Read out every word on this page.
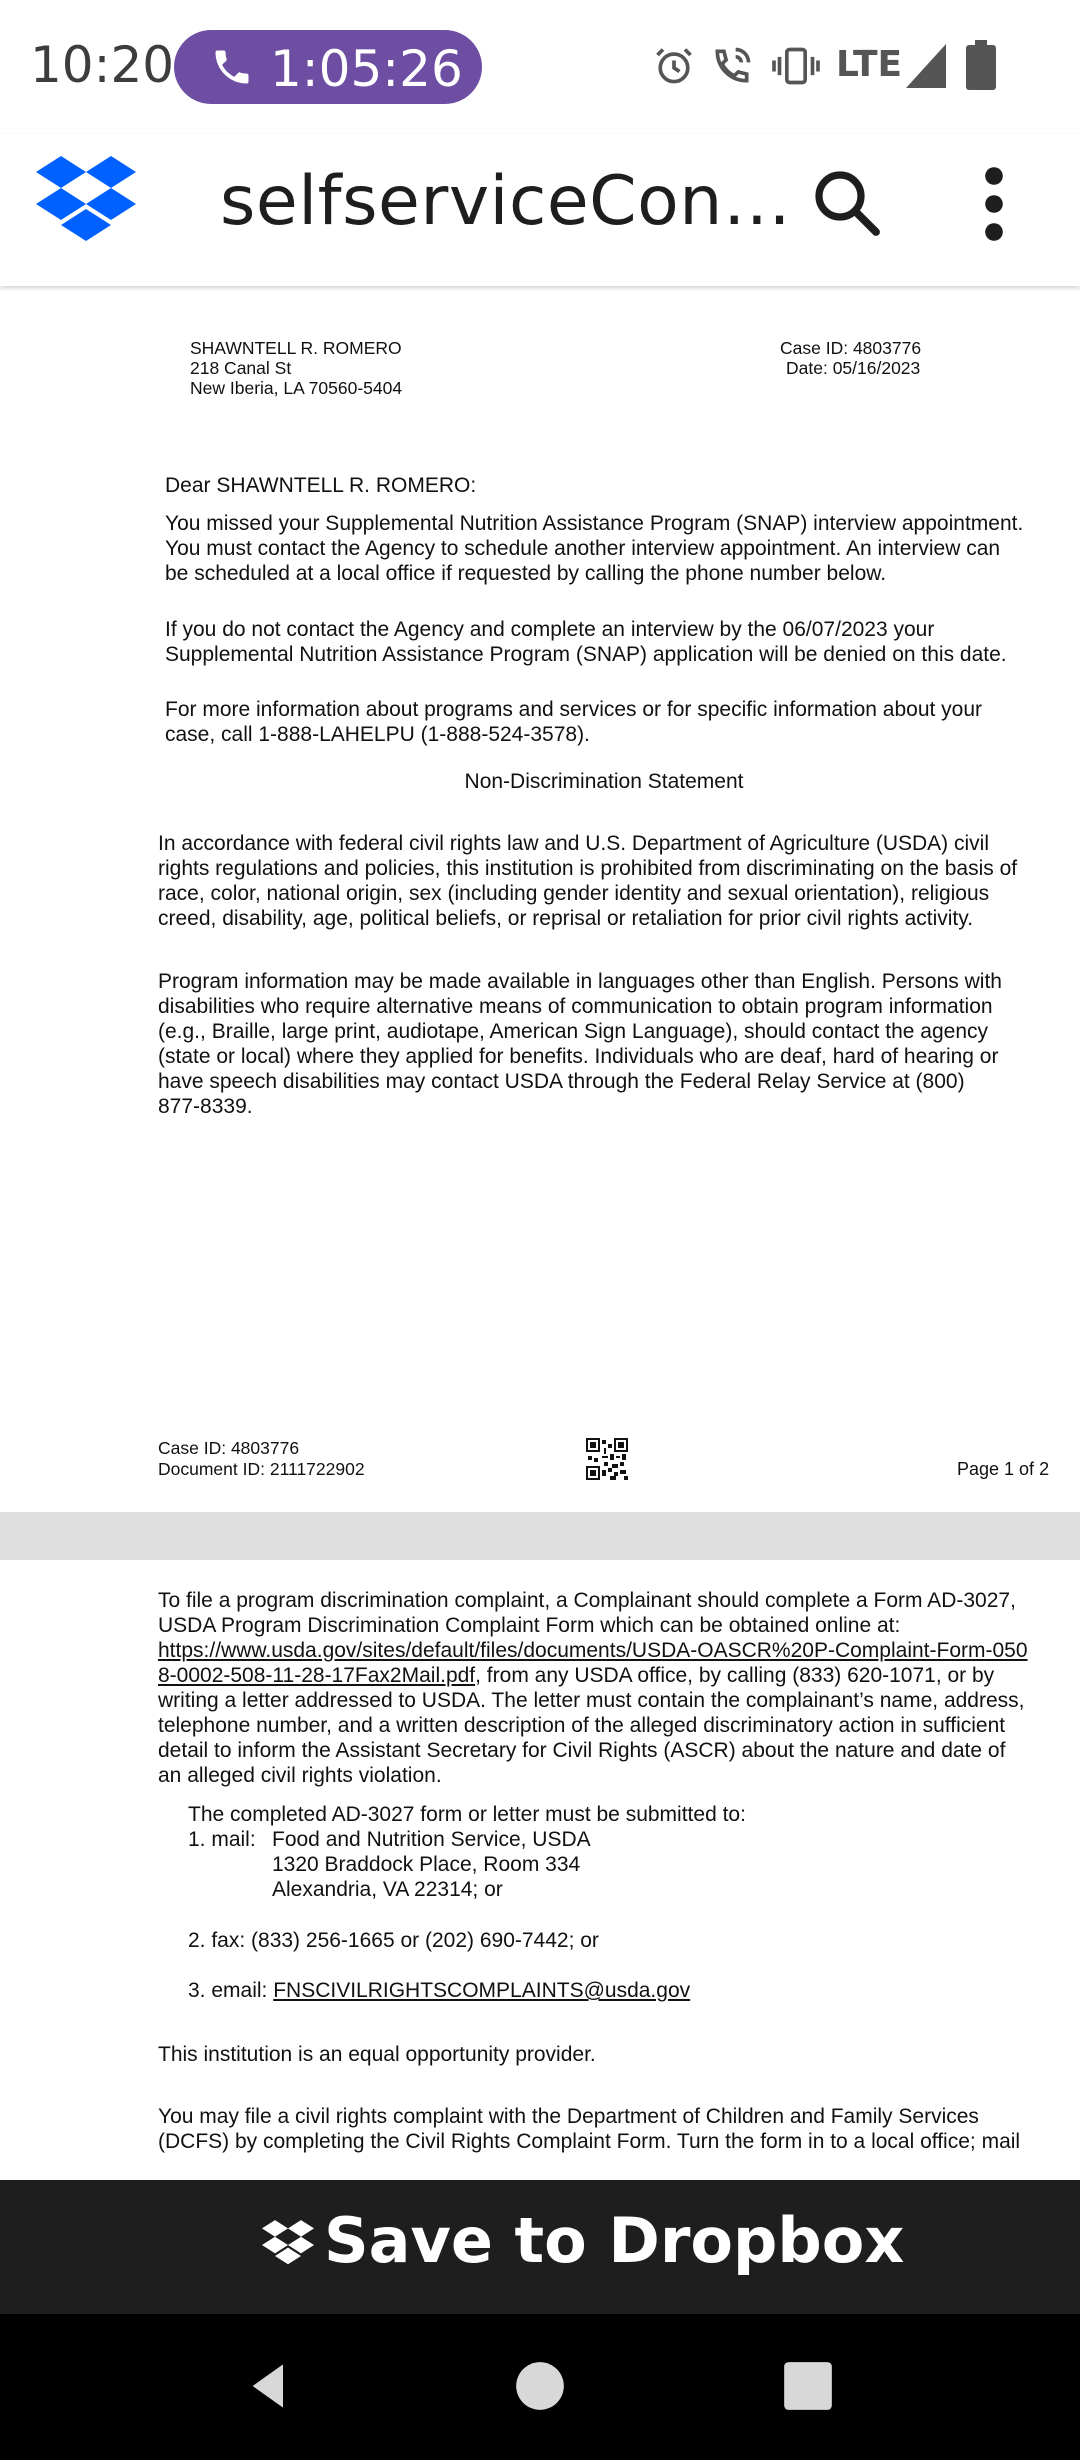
10:20 1:05:26	LTE
selfserviceCon…
SHAWNTELL R. ROMERO
218 Canal St
New Iberia, LA 70560-5404
Case ID: 4803776
Date: 05/16/2023
Dear SHAWNTELL R. ROMERO:
You missed your Supplemental Nutrition Assistance Program (SNAP) interview appointment.
You must contact the Agency to schedule another interview appointment. An interview can
be scheduled at a local office if requested by calling the phone number below.
If you do not contact the Agency and complete an interview by the 06/07/2023 your
Supplemental Nutrition Assistance Program (SNAP) application will be denied on this date.
For more information about programs and services or for specific information about your
case, call 1-888-LAHELPU (1-888-524-3578).
Non-Discrimination Statement
In accordance with federal civil rights law and U.S. Department of Agriculture (USDA) civil
rights regulations and policies, this institution is prohibited from discriminating on the basis of
race, color, national origin, sex (including gender identity and sexual orientation), religious
creed, disability, age, political beliefs, or reprisal or retaliation for prior civil rights activity.
Program information may be made available in languages other than English. Persons with
disabilities who require alternative means of communication to obtain program information
(e.g., Braille, large print, audiotape, American Sign Language), should contact the agency
(state or local) where they applied for benefits. Individuals who are deaf, hard of hearing or
have speech disabilities may contact USDA through the Federal Relay Service at (800)
877-8339.
Case ID: 4803776
Document ID: 2111722902	Page 1 of 2
To file a program discrimination complaint, a Complainant should complete a Form AD-3027,
USDA Program Discrimination Complaint Form which can be obtained online at:
https://www.usda.gov/sites/default/files/documents/USDA-OASCR%20P-Complaint-Form-050
8-0002-508-11-28-17Fax2Mail.pdf, from any USDA office, by calling (833) 620-1071, or by
writing a letter addressed to USDA. The letter must contain the complainant’s name, address,
telephone number, and a written description of the alleged discriminatory action in sufficient
detail to inform the Assistant Secretary for Civil Rights (ASCR) about the nature and date of
an alleged civil rights violation.
The completed AD-3027 form or letter must be submitted to:
1. mail: Food and Nutrition Service, USDA
1320 Braddock Place, Room 334
Alexandria, VA 22314; or
2. fax: (833) 256-1665 or (202) 690-7442; or
3. email: FNSCIVILRIGHTSCOMPLAINTS@usda.gov
This institution is an equal opportunity provider.
You may file a civil rights complaint with the Department of Children and Family Services
(DCFS) by completing the Civil Rights Complaint Form. Turn the form in to a local office; mail
Save to Dropbox
